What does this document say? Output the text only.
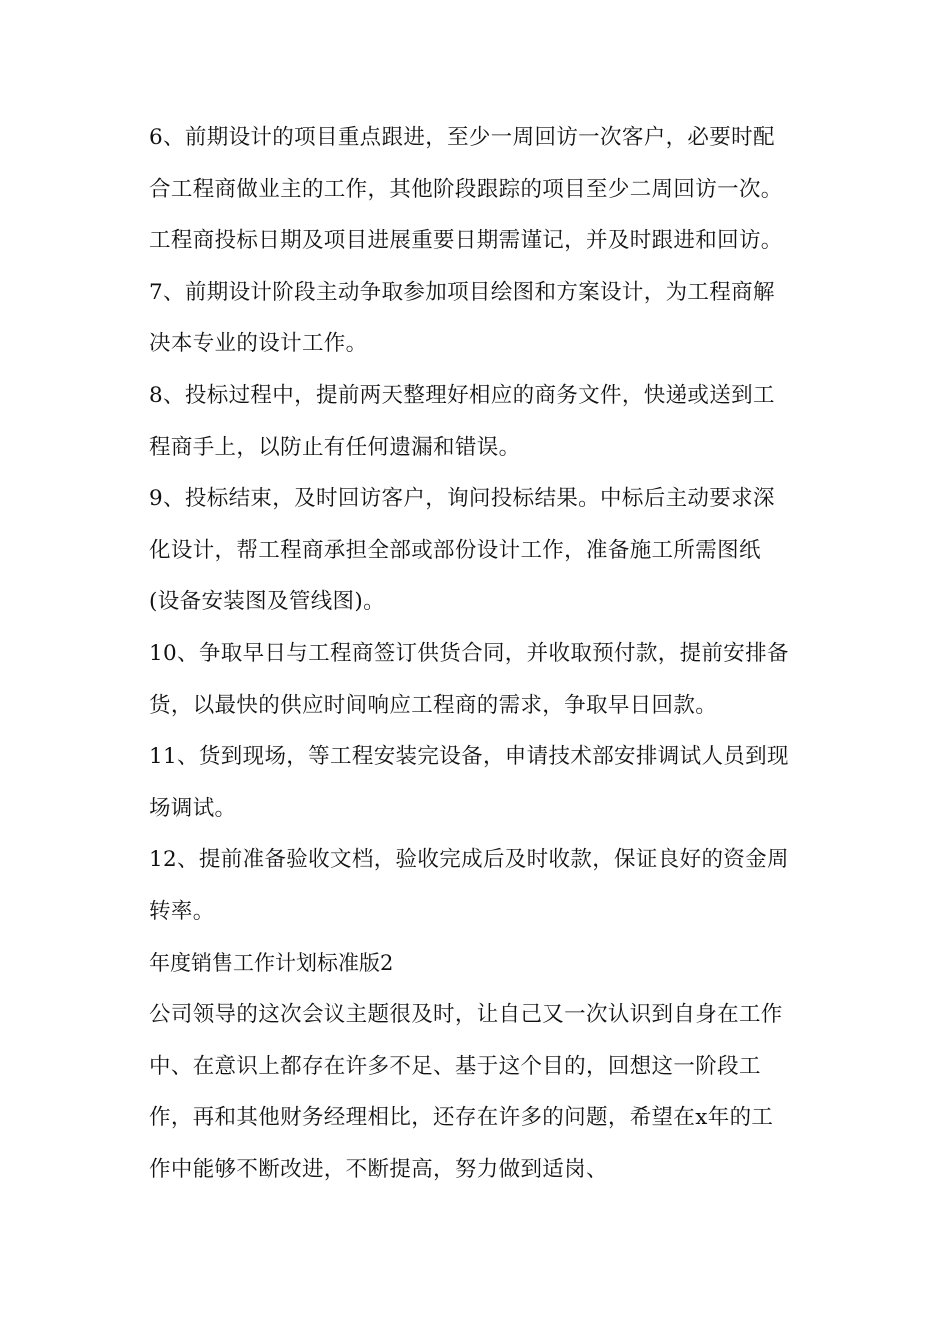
6、前期设计的项目重点跟进，至少一周回访一次客户，必要时配
合工程商做业主的工作，其他阶段跟踪的项目至少二周回访一次。
工程商投标日期及项目进展重要日期需谨记，并及时跟进和回访。
7、前期设计阶段主动争取参加项目绘图和方案设计，为工程商解
决本专业的设计工作。
8、投标过程中，提前两天整理好相应的商务文件，快递或送到工
程商手上，以防止有任何遗漏和错误。
9、投标结束，及时回访客户，询问投标结果。中标后主动要求深
化设计，帮工程商承担全部或部份设计工作，准备施工所需图纸
(设备安装图及管线图)。
10、争取早日与工程商签订供货合同，并收取预付款，提前安排备
货，以最快的供应时间响应工程商的需求，争取早日回款。
11、货到现场，等工程安装完设备，申请技术部安排调试人员到现
场调试。
12、提前准备验收文档，验收完成后及时收款，保证良好的资金周
转率。
年度销售工作计划标准版2
公司领导的这次会议主题很及时，让自己又一次认识到自身在工作
中、在意识上都存在许多不足、基于这个目的，回想这一阶段工
作，再和其他财务经理相比，还存在许多的问题，希望在x年的工
作中能够不断改进，不断提高，努力做到适岗、
